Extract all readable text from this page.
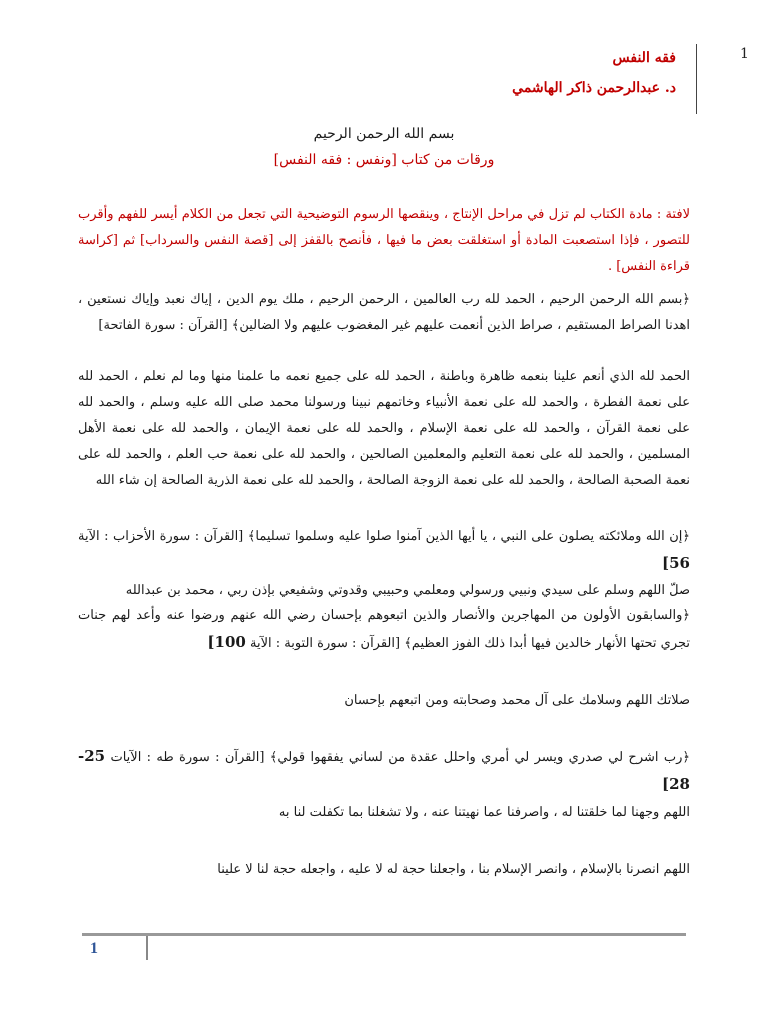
1
فقه النفس
د. عبدالرحمن ذاكر الهاشمي
بسم الله الرحمن الرحيم
ورقات من كتاب [ونفس : فقه النفس]

لافتة : مادة الكتاب لم تزل في مراحل الإنتاج ، وينقصها الرسوم التوضيحية التي تجعل من الكلام أيسر للفهم وأقرب للتصور ، فإذا استصعبت المادة أو استغلقت بعض ما فيها ، فأنصح بالقفز إلى [قصة النفس والسرداب] ثم [كراسة قراءة النفس] .

﴿بسم الله الرحمن الرحيم ، الحمد لله رب العالمين ، الرحمن الرحيم ، ملك يوم الدين ، إياك نعبد وإياك نستعين ، اهدنا الصراط المستقيم ، صراط الذين أنعمت عليهم غير المغضوب عليهم ولا الضالين﴾ [القرآن : سورة الفاتحة]

الحمد لله الذي أنعم علينا بنعمه ظاهرة وباطنة ، الحمد لله على جميع نعمه ما علمنا منها وما لم نعلم ، الحمد لله على نعمة الفطرة ، والحمد لله على نعمة الأنبياء وخاتمهم نبينا ورسولنا محمد صلى الله عليه وسلم ، والحمد لله على نعمة القرآن ، والحمد لله على نعمة الإسلام ، والحمد لله على نعمة الإيمان ، والحمد لله على نعمة الأهل المسلمين ، والحمد لله على نعمة التعليم والمعلمين الصالحين ، والحمد لله على نعمة حب العلم ، والحمد لله على نعمة الصحبة الصالحة ، والحمد لله على نعمة الزوجة الصالحة ، والحمد لله على نعمة الذرية الصالحة إن شاء الله

﴿إن الله وملائكته يصلون على النبي ، يا أيها الذين آمنوا صلوا عليه وسلموا تسليما﴾ [القرآن : سورة الأحزاب : الآية 56]
صلّ اللهم وسلم على سيدي ونبيي ورسولي ومعلمي وحبيبي وقدوتي وشفيعي بإذن ربي ، محمد بن عبدالله

﴿والسابقون الأولون من المهاجرين والأنصار والذين اتبعوهم بإحسان رضي الله عنهم ورضوا عنه وأعد لهم جنات تجري تحتها الأنهار خالدين فيها أبدا ذلك الفوز العظيم﴾ [القرآن : سورة التوبة : الآية 100]

صلاتك اللهم وسلامك على آل محمد وصحابته ومن اتبعهم بإحسان

﴿رب اشرح لي صدري ويسر لي أمري واحلل عقدة من لساني يفقهوا قولي﴾ [القرآن : سورة طه : الآيات 25-28]

اللهم وجهنا لما خلقتنا له ، واصرفنا عما نهيتنا عنه ، ولا تشغلنا بما تكفلت لنا به

اللهم انصرنا بالإسلام ، وانصر الإسلام بنا ، واجعلنا حجة له لا عليه ، واجعله حجة لنا لا علينا

1
